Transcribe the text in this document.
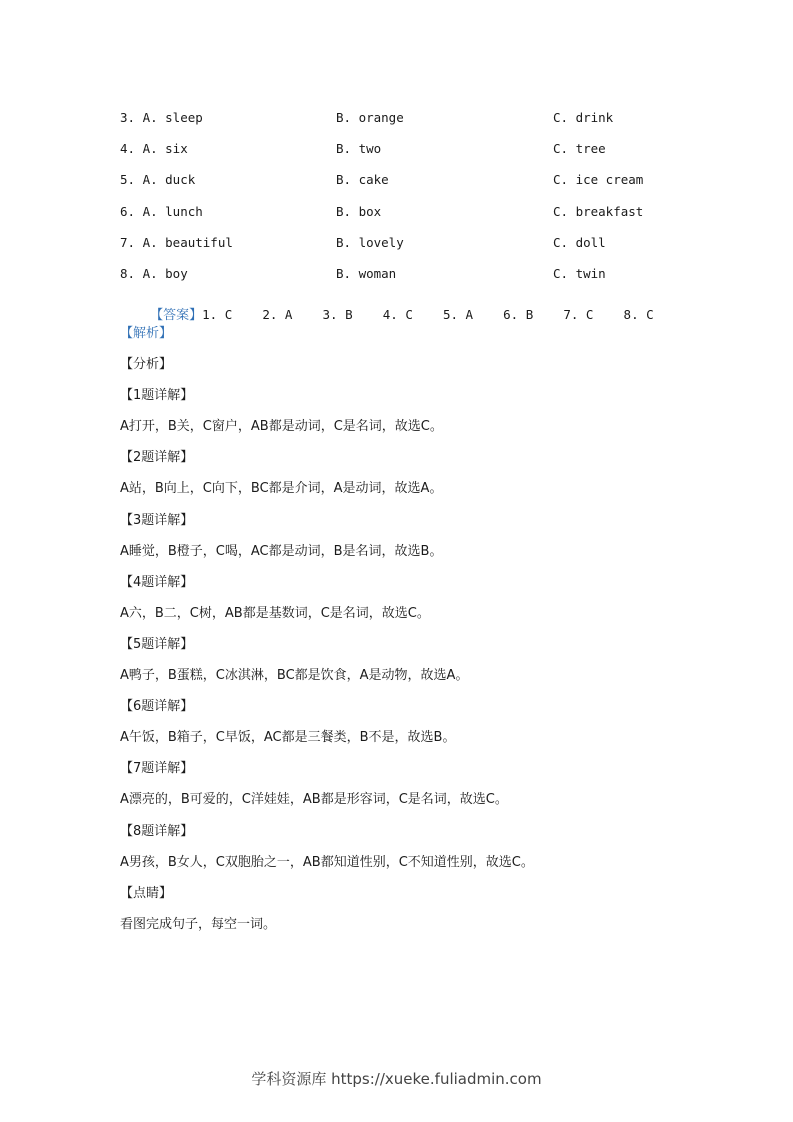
3. A. sleep	B. orange	C. drink
4. A. six	B. two	C. tree
5. A. duck	B. cake	C. ice cream
6. A. lunch	B. box	C. breakfast
7. A. beautiful	B. lovely	C. doll
8. A. boy	B. woman	C. twin

【答案】1. C    2. A    3. B    4. C    5. A    6. B    7. C    8. C

【解析】
【分析】
【1题详解】
A打开，B关，C窗户，AB都是动词，C是名词，故选C。
【2题详解】
A站，B向上，C向下，BC都是介词，A是动词，故选A。
【3题详解】
A睡觉，B橙子，C喝，AC都是动词，B是名词，故选B。
【4题详解】
A六，B二，C树，AB都是基数词，C是名词，故选C。
【5题详解】
A鸭子，B蛋糕，C冰淇淋，BC都是饮食，A是动物，故选A。
【6题详解】
A午饭，B箱子，C早饭，AC都是三餐类，B不是，故选B。
【7题详解】
A漂亮的，B可爱的，C洋娃娃，AB都是形容词，C是名词，故选C。
【8题详解】
A男孩，B女人，C双胞胎之一，AB都知道性别，C不知道性别，故选C。
【点睛】
看图完成句子，每空一词。
学科资源库 https://xueke.fuliadmin.com
